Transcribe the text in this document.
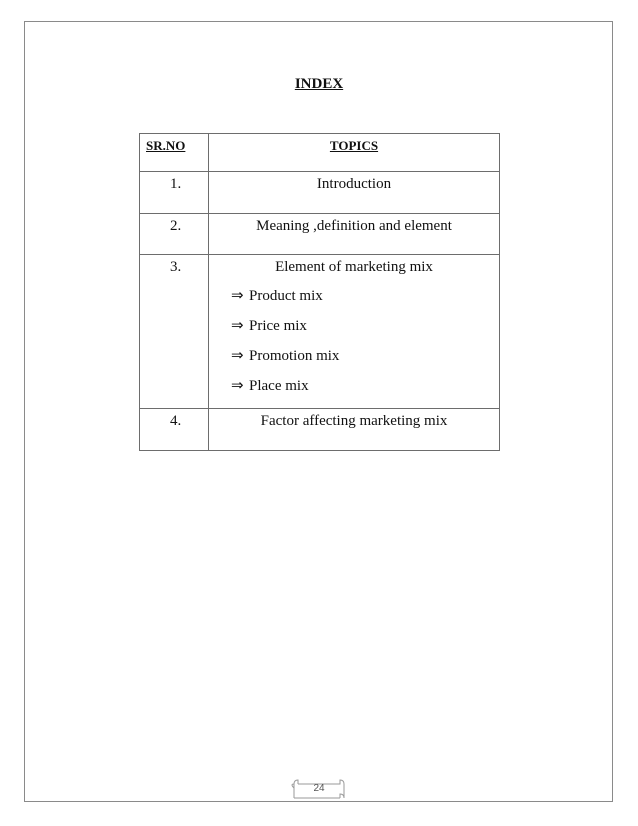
INDEX
SR.NO	TOPICS
1.	Introduction
2.	Meaning ,definition and element
3.	Element of marketing mix
⇒ Product mix
⇒ Price mix
⇒ Promotion mix
⇒ Place mix

4.	Factor affecting marketing mix
24
